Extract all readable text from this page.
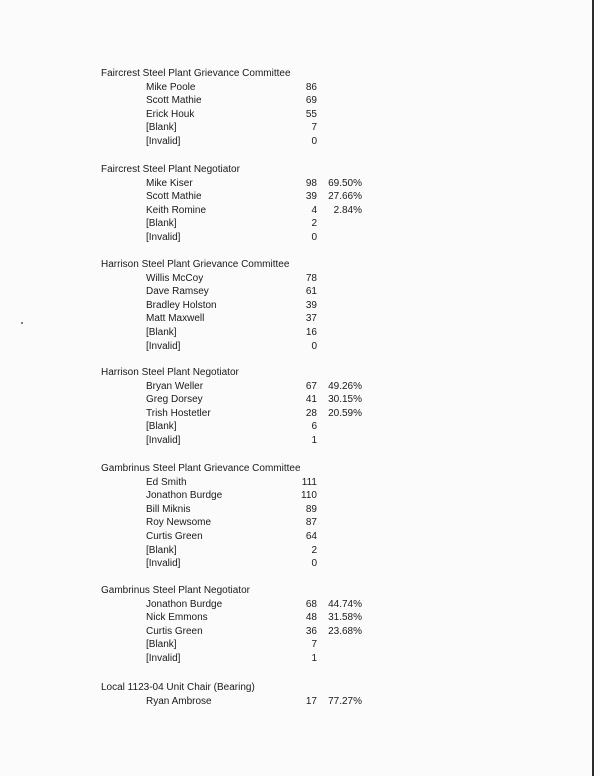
Faircrest Steel Plant Grievance Committee
Mike Poole	86
Scott Mathie	69
Erick Houk	55
[Blank]	7
[Invalid]	0
Faircrest Steel Plant Negotiator
Mike Kiser	98	69.50%
Scott Mathie	39	27.66%
Keith Romine	4	2.84%
[Blank]	2
[Invalid]	0
Harrison Steel Plant Grievance Committee
Willis McCoy	78
Dave Ramsey	61
Bradley Holston	39
Matt Maxwell	37
[Blank]	16
[Invalid]	0
Harrison Steel Plant Negotiator
Bryan Weller	67	49.26%
Greg Dorsey	41	30.15%
Trish Hostetler	28	20.59%
[Blank]	6
[Invalid]	1
Gambrinus Steel Plant Grievance Committee
Ed Smith	111
Jonathon Burdge	110
Bill Miknis	89
Roy Newsome	87
Curtis Green	64
[Blank]	2
[Invalid]	0
Gambrinus Steel Plant Negotiator
Jonathon Burdge	68	44.74%
Nick Emmons	48	31.58%
Curtis Green	36	23.68%
[Blank]	7
[Invalid]	1
Local 1123-04 Unit Chair (Bearing)
Ryan Ambrose	17	77.27%
